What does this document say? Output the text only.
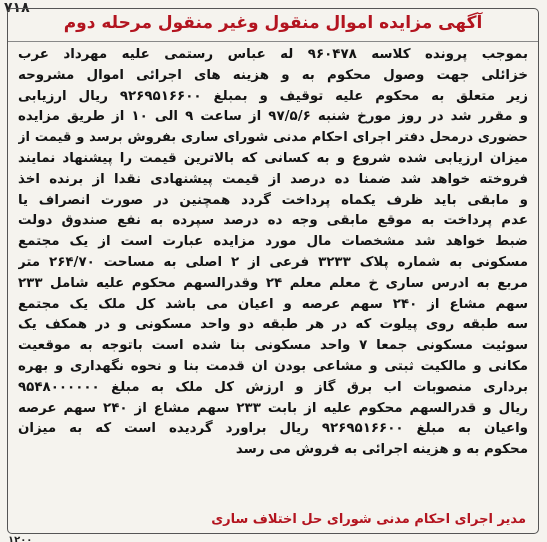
۷۱۸
آگهی مزایده اموال منقول وغیر منقول مرحله دوم
بموجب پرونده کلاسه ۹۶۰۴۷۸ له عباس رستمی علیه مهرداد عرب
خزائلی جهت وصول محکوم به و هزینه های اجرائی اموال مشروحه
زیر متعلق به محکوم علیه توقیف و بمبلغ ۹۲۶۹۵۱۶۶۰۰ ریال ارزیابی
و مقرر شد در روز مورخ شنبه ۹۷/۵/۶ از ساعت ۹ الی ۱۰ از طریق مزایده
حضوری درمحل دفتر اجرای احکام مدنی شورای ساری بفروش برسد و قیمت از
میزان ارزیابی شده شروع و به کسانی که بالاترین قیمت را پیشنهاد نمایند
فروخته خواهد شد ضمنا ده درصد از قیمت پیشنهادی نقدا از برنده اخذ
و مابقی باید ظرف یکماه پرداخت گردد همچنین در صورت انصراف یا
عدم پرداخت به موقع مابقی وجه ده درصد سپرده به نفع صندوق دولت
ضبط خواهد شد مشخصات مال مورد مزایده عبارت است از یک مجتمع
مسکونی به شماره پلاک ۳۲۳۳ فرعی از ۲ اصلی به مساحت ۲۶۴/۷۰ متر
مربع به ادرس ساری خ معلم معلم ۲۴ وقدرالسهم محکوم علیه شامل ۲۳۳
سهم مشاع از ۲۴۰ سهم عرصه و اعیان می باشد کل ملک یک مجتمع
سه طبقه روی پیلوت که در هر طبقه دو واحد مسکونی و در همکف یک
سوئیت مسکونی جمعا ۷ واحد مسکونی بنا شده است باتوجه به موقعیت
مکانی و مالکیت ثبتی و مشاعی بودن ان قدمت بنا و نحوه نگهداری و بهره
برداری منصوبات اب برق گاز و ارزش کل ملک به مبلغ ۹۵۴۸۰۰۰۰۰۰
ریال و قدرالسهم محکوم علیه از بابت ۲۳۳ سهم مشاع از ۲۴۰ سهم عرصه
واعیان به مبلغ ۹۲۶۹۵۱۶۶۰۰ ریال براورد گردیده است که به میزان
محکوم به و هزینه اجرائی به فروش می رسد
مدیر اجرای احکام مدنی شورای حل اختلاف ساری
۱۲۰۰
